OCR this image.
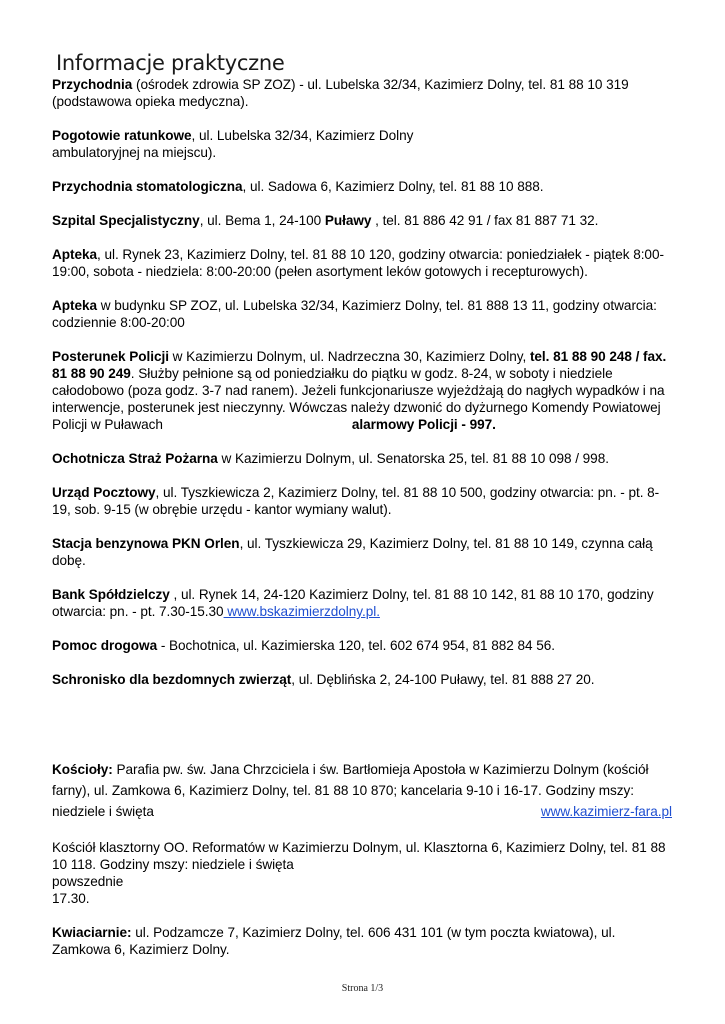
Informacje praktyczne

Przychodnia (ośrodek zdrowia SP ZOZ) - ul. Lubelska 32/34, Kazimierz Dolny, tel. 81 88 10 319 (podstawowa opieka medyczna).

Pogotowie ratunkowe, ul. Lubelska 32/34, Kazimierz Dolny
ambulatoryjnej na miejscu).

Przychodnia stomatologiczna, ul. Sadowa 6, Kazimierz Dolny, tel. 81 88 10 888.

Szpital Specjalistyczny, ul. Bema 1, 24-100 Puławy , tel. 81 886 42 91 / fax 81 887 71 32.

Apteka, ul. Rynek 23, Kazimierz Dolny, tel. 81 88 10 120, godziny otwarcia: poniedziałek - piątek 8:00-19:00, sobota - niedziela: 8:00-20:00 (pełen asortyment leków gotowych i recepturowych).

Apteka w budynku SP ZOZ, ul. Lubelska 32/34, Kazimierz Dolny, tel. 81 888 13 11, godziny otwarcia: codziennie 8:00-20:00

Posterunek Policji w Kazimierzu Dolnym, ul. Nadrzeczna 30, Kazimierz Dolny, tel. 81 88 90 248 / fax. 81 88 90 249. Służby pełnione są od poniedziałku do piątku w godz. 8-24, w soboty i niedziele całodobowo (poza godz. 3-7 nad ranem). Jeżeli funkcjonariusze wyjeżdżają do nagłych wypadków i na interwencje, posterunek jest nieczynny. Wówczas należy dzwonić do dyżurnego Komendy Powiatowej Policji w Puławach	alarmowy Policji - 997.

Ochotnicza Straż Pożarna w Kazimierzu Dolnym, ul. Senatorska 25, tel. 81 88 10 098 / 998.

Urząd Pocztowy, ul. Tyszkiewicza 2, Kazimierz Dolny, tel. 81 88 10 500, godziny otwarcia: pn. - pt. 8-19, sob. 9-15 (w obrębie urzędu - kantor wymiany walut).

Stacja benzynowa PKN Orlen, ul. Tyszkiewicza 29, Kazimierz Dolny, tel. 81 88 10 149, czynna całą dobę.

Bank Spółdzielczy , ul. Rynek 14, 24-120 Kazimierz Dolny, tel. 81 88 10 142, 81 88 10 170, godziny otwarcia: pn. - pt. 7.30-15.30 www.bskazimierzdolny.pl.

Pomoc drogowa - Bochotnica, ul. Kazimierska 120, tel. 602 674 954, 81 882 84 56.

Schronisko dla bezdomnych zwierząt, ul. Dęblińska 2, 24-100 Puławy, tel. 81 888 27 20.

Kościoły: Parafia pw. św. Jana Chrzciciela i św. Bartłomieja Apostoła w Kazimierzu Dolnym (kościół

farny), ul. Zamkowa 6, Kazimierz Dolny, tel. 81 88 10 870; kancelaria 9-10 i 16-17. Godziny mszy:

niedziele i święta	www.kazimierz-fara.pl

Kościół klasztorny OO. Reformatów w Kazimierzu Dolnym, ul. Klasztorna 6, Kazimierz Dolny, tel. 81 88 10 118. Godziny mszy: niedziele i święta
powszednie
17.30.

Kwiaciarnie: ul. Podzamcze 7, Kazimierz Dolny, tel. 606 431 101 (w tym poczta kwiatowa), ul. Zamkowa 6, Kazimierz Dolny.

Strona 1/3
